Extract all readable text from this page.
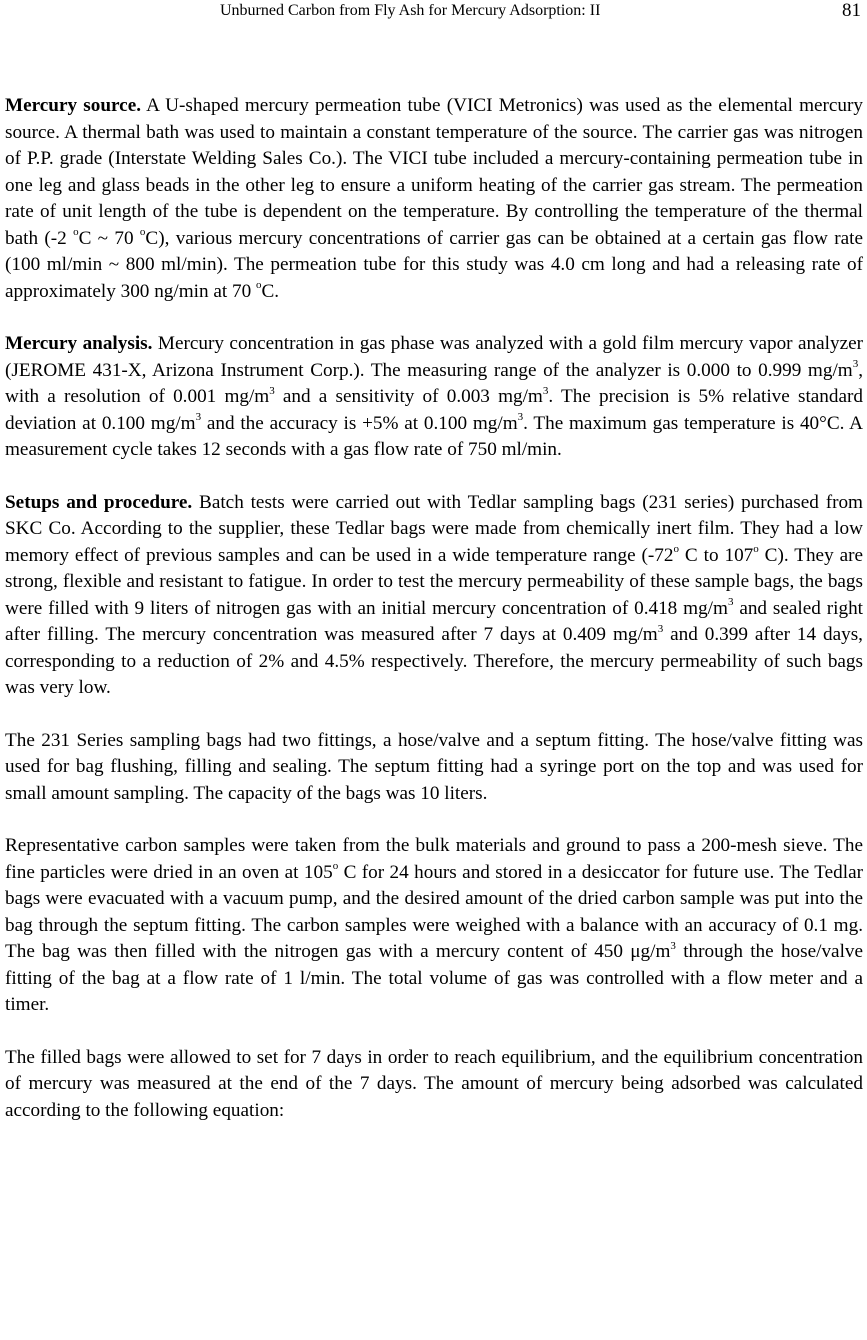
Unburned Carbon from Fly Ash for Mercury Adsorption: II	81

Mercury source. A U-shaped mercury permeation tube (VICI Metronics) was used as the elemental mercury source. A thermal bath was used to maintain a constant temperature of the source. The carrier gas was nitrogen of P.P. grade (Interstate Welding Sales Co.). The VICI tube included a mercury-containing permeation tube in one leg and glass beads in the other leg to ensure a uniform heating of the carrier gas stream. The permeation rate of unit length of the tube is dependent on the temperature. By controlling the temperature of the thermal bath (-2 $^o$C ~ 70 $^o$C), various mercury concentrations of carrier gas can be obtained at a certain gas flow rate (100 ml/min ~ 800 ml/min). The permeation tube for this study was 4.0 cm long and had a releasing rate of approximately 300 ng/min at 70 $^o$C.

Mercury analysis. Mercury concentration in gas phase was analyzed with a gold film mercury vapor analyzer (JEROME 431-X, Arizona Instrument Corp.). The measuring range of the analyzer is 0.000 to 0.999 $mg/m^3$, with a resolution of 0.001 $mg/m^3$ and a sensitivity of 0.003 $mg/m^3$. The precision is 5% relative standard deviation at 0.100 $mg/m^3$ and the accuracy is +5% at 0.100 $mg/m^3$. The maximum gas temperature is 40°C. A measurement cycle takes 12 seconds with a gas flow rate of 750 ml/min.

Setups and procedure. Batch tests were carried out with Tedlar sampling bags (231 series) purchased from SKC Co. According to the supplier, these Tedlar bags were made from chemically inert film. They had a low memory effect of previous samples and can be used in a wide temperature range (-72$^o$ C to 107$^o$ C). They are strong, flexible and resistant to fatigue. In order to test the mercury permeability of these sample bags, the bags were filled with 9 liters of nitrogen gas with an initial mercury concentration of 0.418 $mg/m^3$ and sealed right after filling. The mercury concentration was measured after 7 days at 0.409 $mg/m^3$ and 0.399 after 14 days, corresponding to a reduction of 2% and 4.5% respectively. Therefore, the mercury permeability of such bags was very low.

The 231 Series sampling bags had two fittings, a hose/valve and a septum fitting. The hose/valve fitting was used for bag flushing, filling and sealing. The septum fitting had a syringe port on the top and was used for small amount sampling. The capacity of the bags was 10 liters.

Representative carbon samples were taken from the bulk materials and ground to pass a 200-mesh sieve. The fine particles were dried in an oven at 105$^o$ C for 24 hours and stored in a desiccator for future use. The Tedlar bags were evacuated with a vacuum pump, and the desired amount of the dried carbon sample was put into the bag through the septum fitting. The carbon samples were weighed with a balance with an accuracy of 0.1 mg. The bag was then filled with the nitrogen gas with a mercury content of 450 $\mu g/m^3$ through the hose/valve fitting of the bag at a flow rate of 1 l/min. The total volume of gas was controlled with a flow meter and a timer.

The filled bags were allowed to set for 7 days in order to reach equilibrium, and the equilibrium concentration of mercury was measured at the end of the 7 days. The amount of mercury being adsorbed was calculated according to the following equation:
